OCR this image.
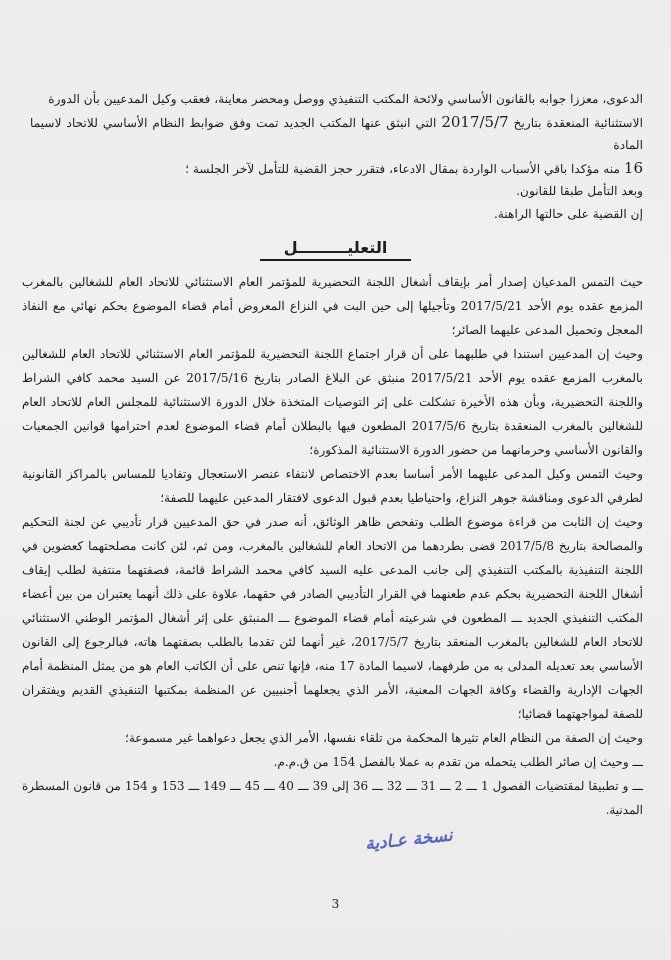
الدعوى، معززا جوابه بالقانون الأساسي ولائحة المكتب التنفيذي ووصل ومحضر معاينة، فعقب وكيل المدعيين بأن الدورة

الاستثنائية المنعقدة بتاريخ 2017/5/7 التي انبثق عنها المكتب الجديد تمت وفق ضوابط النظام الأساسي للاتحاد لاسيما المادة

16 منه مؤكدا باقي الأسباب الواردة بمقال الادعاء، فتقرر حجز القضية للتأمل لآخر الجلسة ؛

وبعد التأمل طبقا للقانون.

إن القضية على حالتها الراهنة.

التعليـــــــــل

حيث التمس المدعيان إصدار أمر بإيقاف أشغال اللجنة التحضيرية للمؤتمر العام الاستثنائي للاتحاد العام للشغالين بالمغرب المزمع عقده يوم الأحد 2017/5/21 وتأجيلها إلى حين البت في النزاع المعروض أمام قضاء الموضوع بحكم نهائي مع النفاذ المعجل وتحميل المدعى عليهما الصائر؛

وحيث إن المدعيين استندا في طلبهما على أن قرار اجتماع اللجنة التحضيرية للمؤتمر العام الاستثنائي للاتحاد العام للشغالين بالمغرب المزمع عقده يوم الأحد 2017/5/21 منبثق عن البلاغ الصادر بتاريخ 2017/5/16 عن السيد محمد كافي الشراط واللجنة التحضيرية، وبأن هذه الأخيرة تشكلت على إثر التوصيات المتخذة خلال الدورة الاستثنائية للمجلس العام للاتحاد العام للشغالين بالمغرب المنعقدة بتاريخ 2017/5/6 المطعون فيها بالبطلان أمام قضاء الموضوع لعدم احترامها قوانين الجمعيات والقانون الأساسي وحرمانهما من حضور الدورة الاستثنائية المذكورة؛

وحيث التمس وكيل المدعى عليهما الأمر أساسا بعدم الاختصاص لانتفاء عنصر الاستعجال وتفاديا للمساس بالمراكز القانونية لطرفي الدعوى ومناقشة جوهر النزاع، واحتياطيا بعدم قبول الدعوى لافتقار المدعين عليهما للصفة؛

وحيث إن الثابت من قراءة موضوع الطلب وتفحص ظاهر الوثائق، أنه صدر في حق المدعيين قرار تأديبي عن لجنة التحكيم والمصالحة بتاريخ 2017/5/8 قضى بطردهما من الاتحاد العام للشغالين بالمغرب، ومن ثم، لئن كانت مصلحتهما كعضوين في اللجنة التنفيذية بالمكتب التنفيذي إلى جانب المدعى عليه السيد كافي محمد الشراط قائمة، فصفتهما منتفية لطلب إيقاف أشغال اللجنة التحضيرية بحكم عدم طعنهما في القرار التأديبي الصادر في حقهما، علاوة على ذلك أنهما يعتبران من بين أعضاء المكتب التنفيذي الجديد ـــ المطعون في شرعيته أمام قضاء الموضوع ـــ المنبثق على إثر أشغال المؤتمر الوطني الاستثنائي للاتحاد العام للشغالين بالمغرب المنعقد بتاريخ 2017/5/7، غير أنهما لئن تقدما بالطلب بصفتهما هاته، فبالرجوع إلى القانون الأساسي بعد تعديله المدلى به من طرفهما، لاسيما المادة 17 منه، فإنها تنص على أن الكاتب العام هو من يمثل المنظمة أمام الجهات الإدارية والقضاء وكافة الجهات المعنية، الأمر الذي يجعلهما أجنبيين عن المنظمة بمكتبها التنفيذي القديم ويفتقران للصفة لمواجهتهما قضائيا؛

وحيث إن الصفة من النظام العام تثيرها المحكمة من تلقاء نفسها، الأمر الذي يجعل دعواهما غير مسموعة؛

ـــ وحيث إن صائر الطلب يتحمله من تقدم به عملا بالفصل 154 من ق.م.م.

ـــ و تطبيقا لمقتضيات الفصول 1 ـــ 2 ـــ 31 ـــ 32 ـــ 36 إلى 39 ـــ 40 ـــ 45 ـــ 149 ـــ 153 و 154 من قانون المسطرة المدنية.

نسخة عـادية
3
